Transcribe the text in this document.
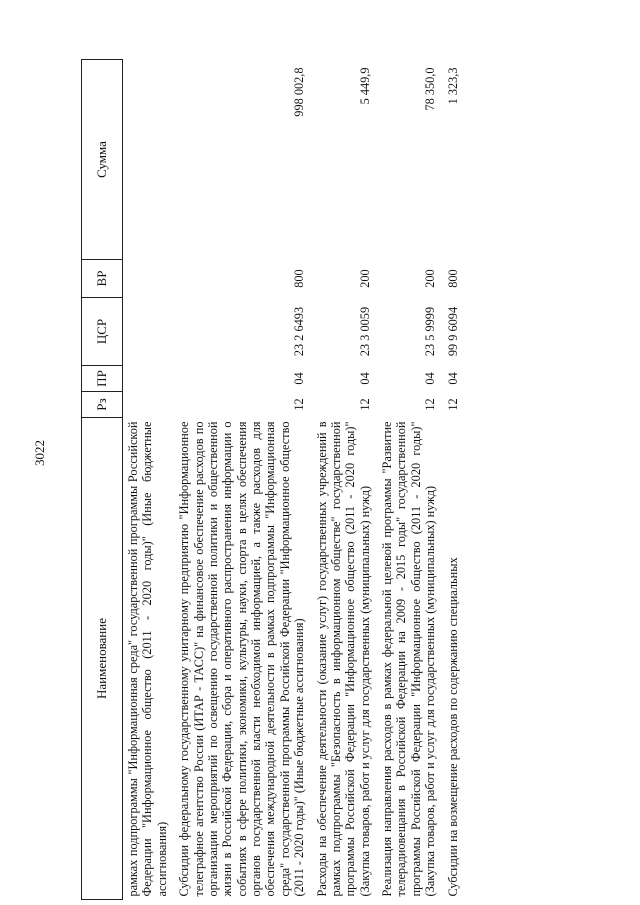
3022
Наименование	Рз	ПР	ЦСР	ВР	Сумма
рамках подпрограммы "Информационная среда" государственной программы Российской Федерации "Информационное общество (2011 - 2020 годы)" (Иные бюджетные ассигнования)					
Субсидии федеральному государственному унитарному предприятию "Информационное телеграфное агентство России (ИТАР - ТАСС)" на финансовое обеспечение расходов по организации мероприятий по освещению государственной политики и общественной жизни в Российской Федерации, сбора и оперативного распространения информации о событиях в сфере политики, экономики, культуры, науки, спорта в целях обеспечения органов государственной власти необходимой информацией, а также расходов для обеспечения международной деятельности в рамках подпрограммы "Информационная среда" государственной программы Российской Федерации "Информационное общество (2011 - 2020 годы)" (Иные бюджетные ассигнования)	12	04	23 2 6493	800	998 002,8
Расходы на обеспечение деятельности (оказание услуг) государственных учреждений в рамках подпрограммы "Безопасность в информационном обществе" государственной программы Российской Федерации "Информационное общество (2011 - 2020 годы)" (Закупка товаров, работ и услуг для государственных (муниципальных) нужд)	12	04	23 3 0059	200	5 449,9
Реализация направления расходов в рамках федеральной целевой программы "Развитие телерадиовещания в Российской Федерации на 2009 - 2015 годы" государственной программы Российской Федерации "Информационное общество (2011 - 2020 годы)" (Закупка товаров, работ и услуг для государственных (муниципальных) нужд)	12	04	23 5 9999	200	78 350,0
Субсидии на возмещение расходов по содержанию специальных	12	04	99 9 6094	800	1 323,3
